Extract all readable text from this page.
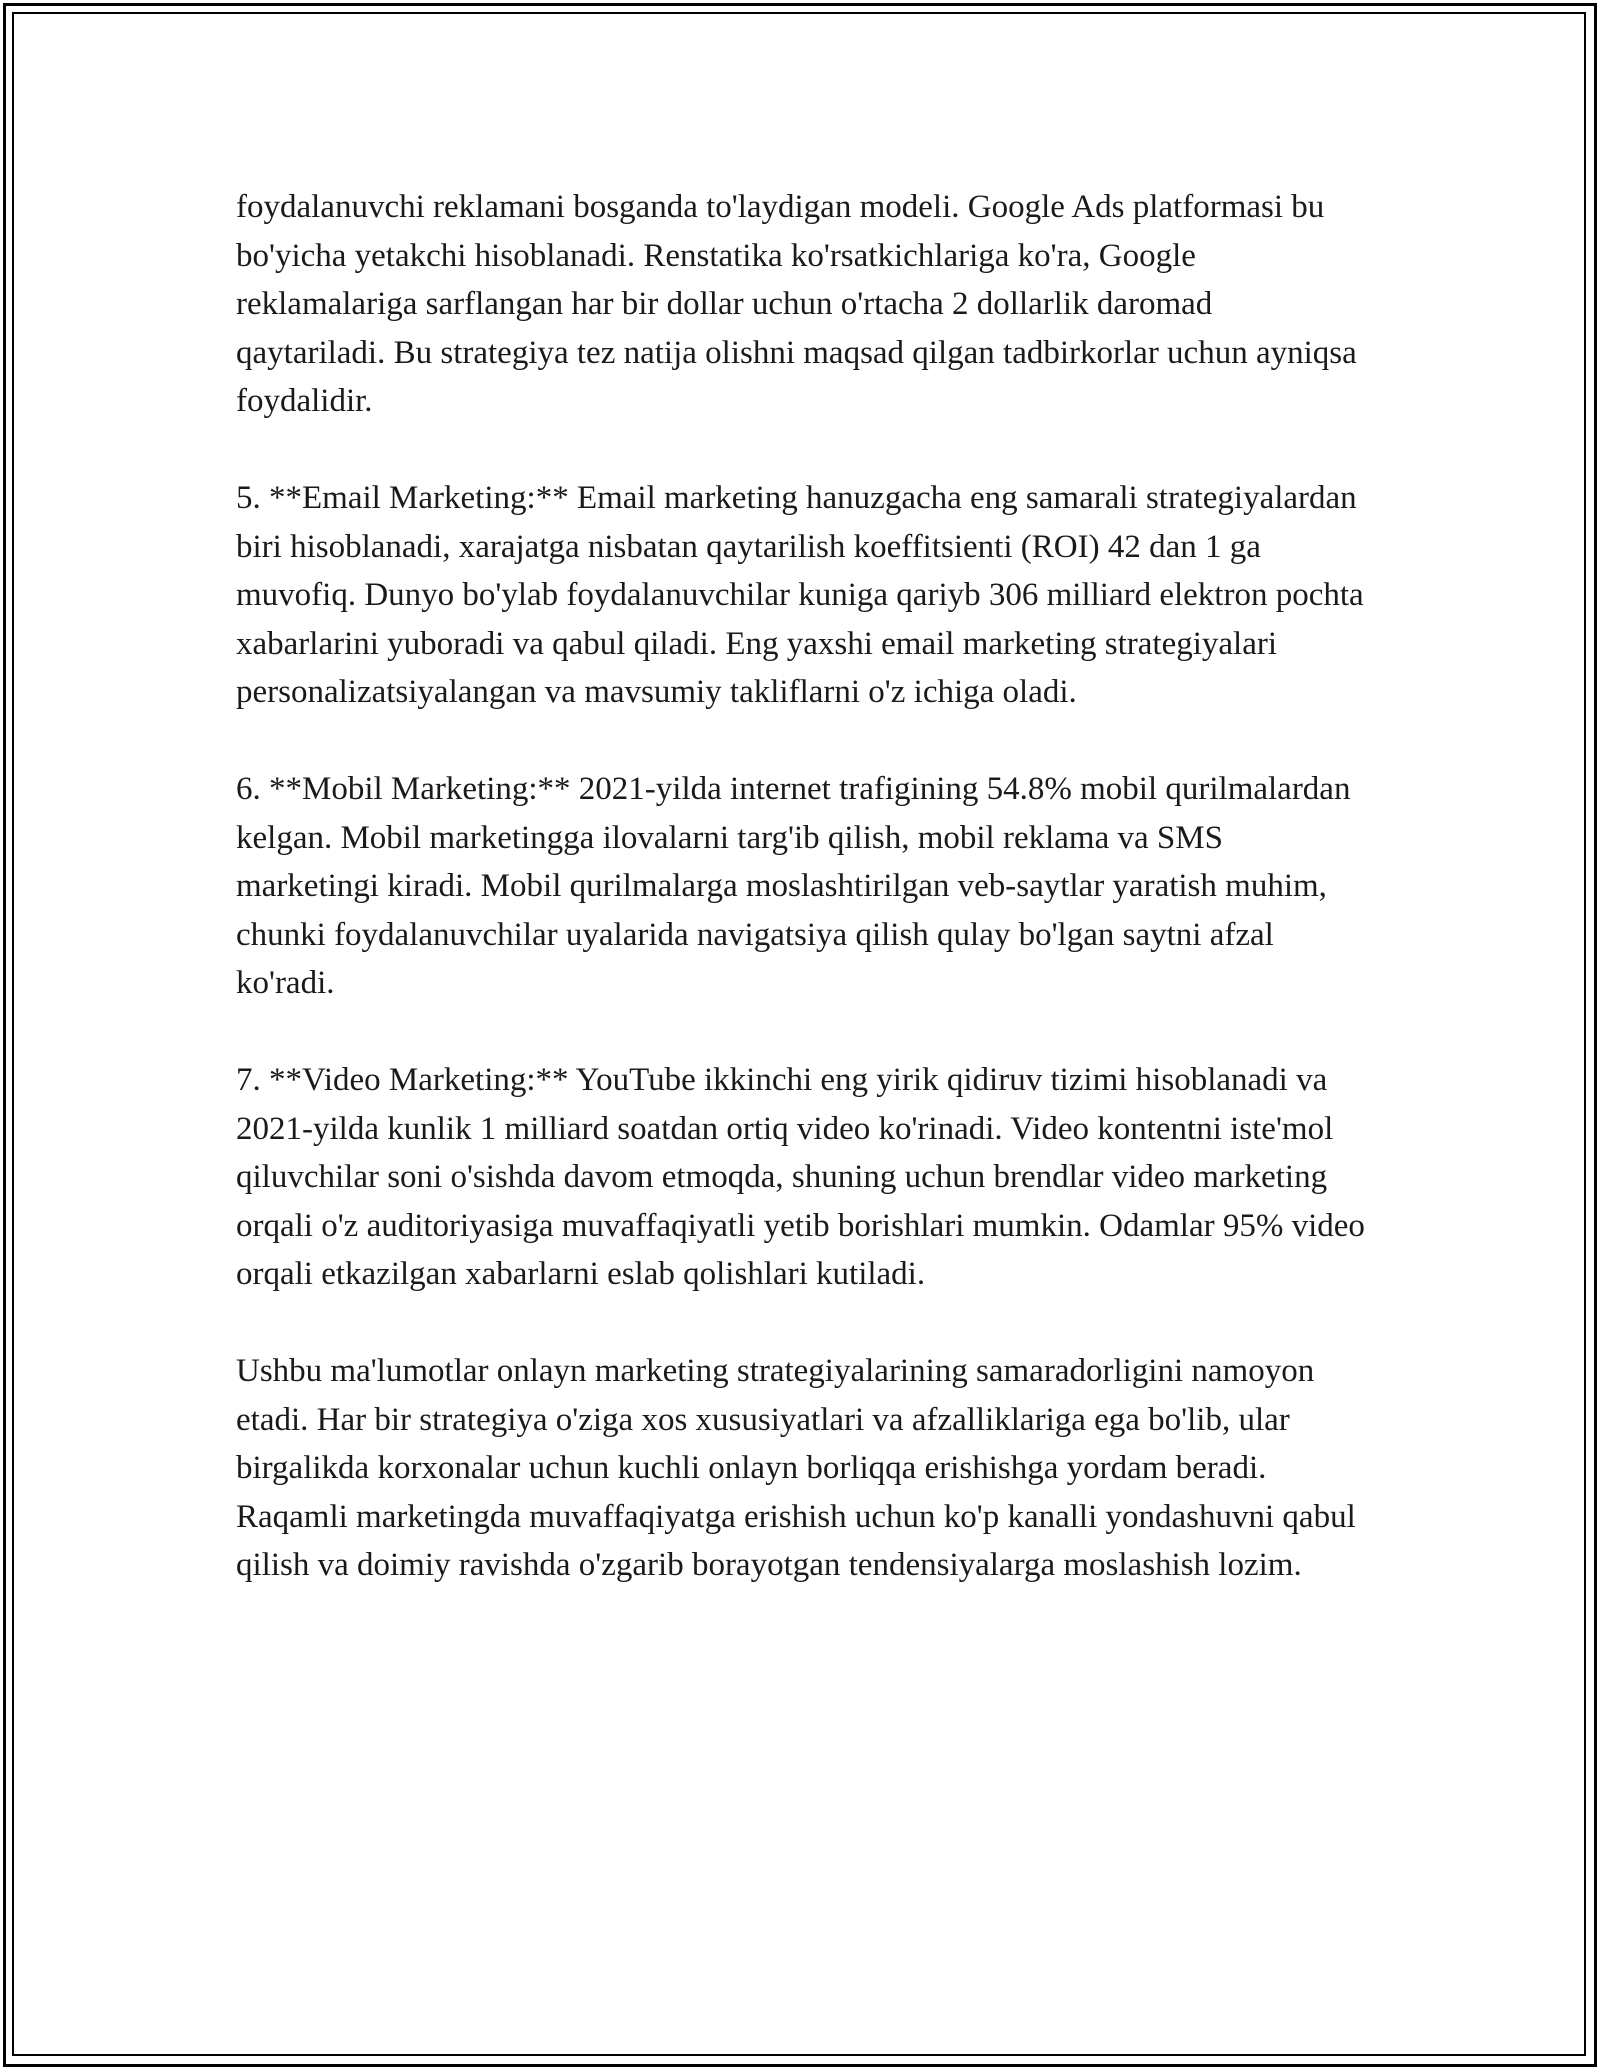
foydalanuvchi reklamani bosganda to'laydigan modeli. Google Ads platformasi bu bo'yicha yetakchi hisoblanadi. Renstatika ko'rsatkichlariga ko'ra, Google reklamalariga sarflangan har bir dollar uchun o'rtacha 2 dollarlik daromad qaytariladi. Bu strategiya tez natija olishni maqsad qilgan tadbirkorlar uchun ayniqsa foydalidir.

5. **Email Marketing:** Email marketing hanuzgacha eng samarali strategiyalardan biri hisoblanadi, xarajatga nisbatan qaytarilish koeffitsienti (ROI) 42 dan 1 ga muvofiq. Dunyo bo'ylab foydalanuvchilar kuniga qariyb 306 milliard elektron pochta xabarlarini yuboradi va qabul qiladi. Eng yaxshi email marketing strategiyalari personalizatsiyalangan va mavsumiy takliflarni o'z ichiga oladi.

6. **Mobil Marketing:** 2021-yilda internet trafigining 54.8% mobil qurilmalardan kelgan. Mobil marketingga ilovalarni targ'ib qilish, mobil reklama va SMS marketingi kiradi. Mobil qurilmalarga moslashtirilgan veb-saytlar yaratish muhim, chunki foydalanuvchilar uyalarida navigatsiya qilish qulay bo'lgan saytni afzal ko'radi.

7. **Video Marketing:** YouTube ikkinchi eng yirik qidiruv tizimi hisoblanadi va 2021-yilda kunlik 1 milliard soatdan ortiq video ko'rinadi. Video kontentni iste'mol qiluvchilar soni o'sishda davom etmoqda, shuning uchun brendlar video marketing orqali o'z auditoriyasiga muvaffaqiyatli yetib borishlari mumkin. Odamlar 95% video orqali etkazilgan xabarlarni eslab qolishlari kutiladi.

Ushbu ma'lumotlar onlayn marketing strategiyalarining samaradorligini namoyon etadi. Har bir strategiya o'ziga xos xususiyatlari va afzalliklariga ega bo'lib, ular birgalikda korxonalar uchun kuchli onlayn borliqqa erishishga yordam beradi. Raqamli marketingda muvaffaqiyatga erishish uchun ko'p kanalli yondashuvni qabul qilish va doimiy ravishda o'zgarib borayotgan tendensiyalarga moslashish lozim.
